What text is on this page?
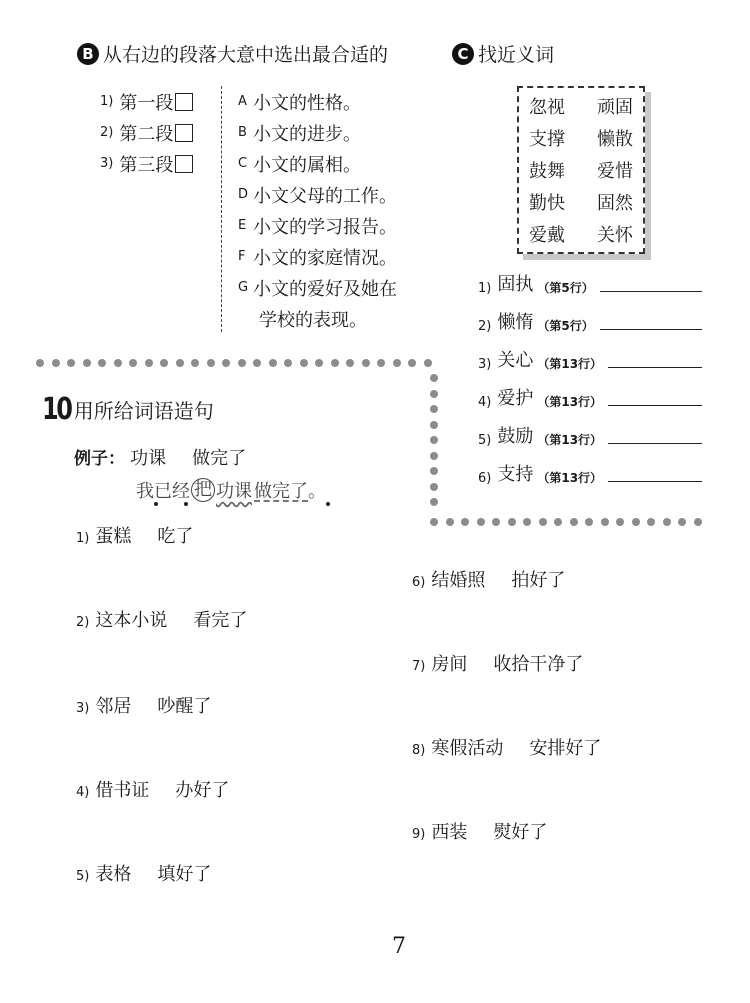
B 从右边的段落大意中选出最合适的
1) 第一段
2) 第二段
3) 第三段
A 小文的性格。
B 小文的进步。
C 小文的属相。
D 小文父母的工作。
E 小文的学习报告。
F 小文的家庭情况。
G 小文的爱好及她在
学校的表现。
C 找近义词
忽视 顽固
支撑 懒散
鼓舞 爱惜
勤快 固然
爱戴 关怀
1) 固执 （第5行）
2) 懒惰 （第5行）
3) 关心 （第13行）
4) 爱护 （第13行）
5) 鼓励 （第13行）
6) 支持 （第13行）
10 用所给词语造句
例子： 功课 做完了
我已经 把 功课 做完了 。
1) 蛋糕 吃了
2) 这本小说 看完了
3) 邻居 吵醒了
4) 借书证 办好了
5) 表格 填好了
6) 结婚照 拍好了
7) 房间 收拾干净了
8) 寒假活动 安排好了
9) 西装 熨好了
7
